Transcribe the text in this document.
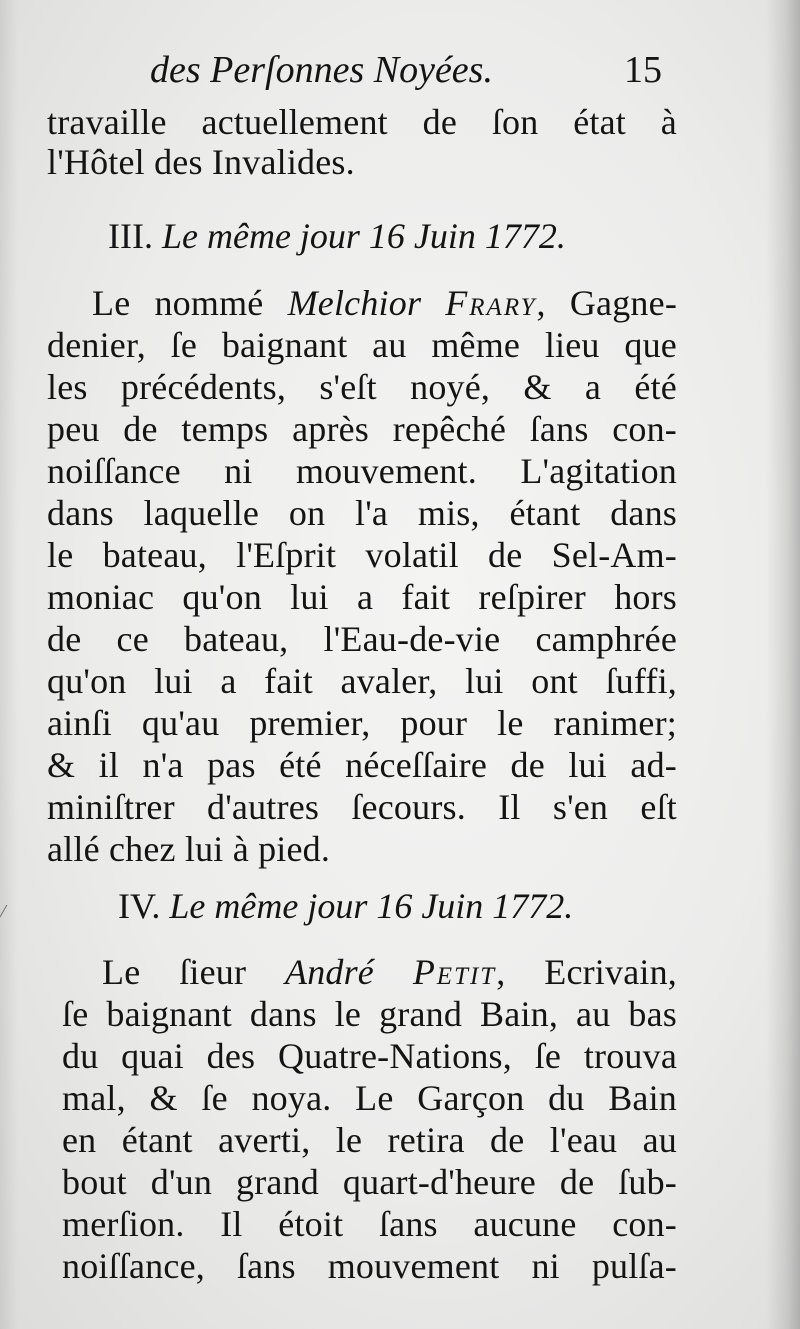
des Perſonnes Noyées.	15
travaille actuellement de ſon état à
l'Hôtel des Invalides.
III. Le même jour 16 Juin 1772.
Le nommé Melchior Frary, Gagne-
denier, ſe baignant au même lieu que
les précédents, s'eſt noyé, & a été
peu de temps après repêché ſans con-
noiſſance ni mouvement. L'agitation
dans laquelle on l'a mis, étant dans
le bateau, l'Eſprit volatil de Sel-Am-
moniac qu'on lui a fait reſpirer hors
de ce bateau, l'Eau-de-vie camphrée
qu'on lui a fait avaler, lui ont ſuffi,
ainſi qu'au premier, pour le ranimer;
& il n'a pas été néceſſaire de lui ad-
miniſtrer d'autres ſecours. Il s'en eſt
allé chez lui à pied.
IV. Le même jour 16 Juin 1772.
Le ſieur André Petit, Ecrivain,
ſe baignant dans le grand Bain, au bas
du quai des Quatre-Nations, ſe trouva
mal, & ſe noya. Le Garçon du Bain
en étant averti, le retira de l'eau au
bout d'un grand quart-d'heure de ſub-
merſion. Il étoit ſans aucune con-
noiſſance, ſans mouvement ni pulſa-
